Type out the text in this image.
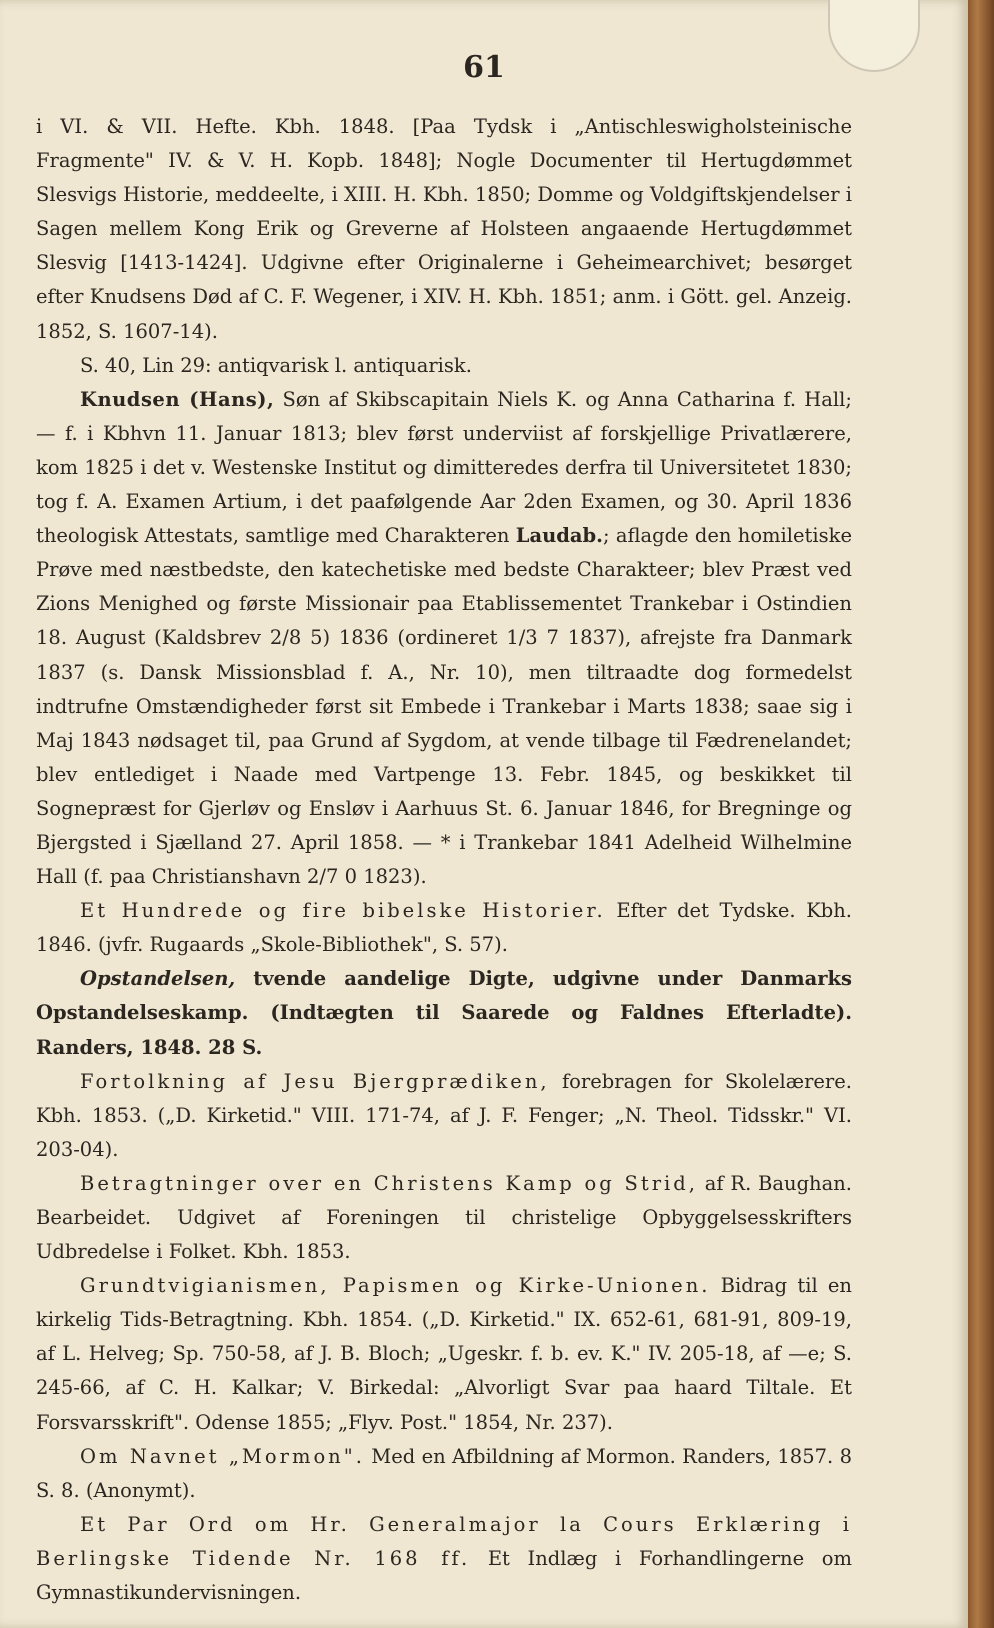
61

i VI. & VII. Hefte. Kbh. 1848. [Paa Tydsk i „Antischleswigholsteinische Fragmente" IV. & V. H. Kopb. 1848]; Nogle Documenter til Hertugdømmet Slesvigs Historie, meddeelte, i XIII. H. Kbh. 1850; Domme og Voldgiftskjendelser i Sagen mellem Kong Erik og Greverne af Holsteen angaaende Hertugdømmet Slesvig [1413-1424]. Udgivne efter Originalerne i Geheimearchivet; besørget efter Knudsens Død af C. F. Wegener, i XIV. H. Kbh. 1851; anm. i Gött. gel. Anzeig. 1852, S. 1607-14).

S. 40, Lin 29: antiqvarisk l. antiquarisk.

Knudsen (Hans), Søn af Skibscapitain Niels K. og Anna Catharina f. Hall; — f. i Kbhvn 11. Januar 1813; blev først underviist af forskjellige Privatlærere, kom 1825 i det v. Westenske Institut og dimitteredes derfra til Universitetet 1830; tog f. A. Examen Artium, i det paafølgende Aar 2den Examen, og 30. April 1836 theologisk Attestats, samtlige med Charakteren Laudab.; aflagde den homiletiske Prøve med næstbedste, den katechetiske med bedste Charakteer; blev Præst ved Zions Menighed og første Missionair paa Etablissementet Trankebar i Ostindien 18. August (Kaldsbrev 2/8 5) 1836 (ordineret 1/3 7 1837), afrejste fra Danmark 1837 (s. Dansk Missionsblad f. A., Nr. 10), men tiltraadte dog formedelst indtrufne Omstændigheder først sit Embede i Trankebar i Marts 1838; saae sig i Maj 1843 nødsaget til, paa Grund af Sygdom, at vende tilbage til Fædrenelandet; blev entlediget i Naade med Vartpenge 13. Febr. 1845, og beskikket til Sognepræst for Gjerløv og Ensløv i Aarhuus St. 6. Januar 1846, for Bregninge og Bjergsted i Sjælland 27. April 1858. — * i Trankebar 1841 Adelheid Wilhelmine Hall (f. paa Christianshavn 2/7 0 1823).

Et Hundrede og fire bibelske Historier. Efter det Tydske. Kbh. 1846. (jvfr. Rugaards „Skole-Bibliothek", S. 57).

Opstandelsen, tvende aandelige Digte, udgivne under Danmarks Opstandelseskamp. (Indtægten til Saarede og Faldnes Efterladte). Randers, 1848. 28 S.

Fortolkning af Jesu Bjergprædiken, forebragen for Skolelærere. Kbh. 1853. („D. Kirketid." VIII. 171-74, af J. F. Fenger; „N. Theol. Tidsskr." VI. 203-04).

Betragtninger over en Christens Kamp og Strid, af R. Baughan. Bearbeidet. Udgivet af Foreningen til christelige Opbyggelsesskrifters Udbredelse i Folket. Kbh. 1853.

Grundtvigianismen, Papismen og Kirke-Unionen. Bidrag til en kirkelig Tids-Betragtning. Kbh. 1854. („D. Kirketid." IX. 652-61, 681-91, 809-19, af L. Helveg; Sp. 750-58, af J. B. Bloch; „Ugeskr. f. b. ev. K." IV. 205-18, af —e; S. 245-66, af C. H. Kalkar; V. Birkedal: „Alvorligt Svar paa haard Tiltale. Et Forsvarsskrift". Odense 1855; „Flyv. Post." 1854, Nr. 237).

Om Navnet „Mormon". Med en Afbildning af Mormon. Randers, 1857. 8 S. 8. (Anonymt).

Et Par Ord om Hr. Generalmajor la Cours Erklæring i Berlingske Tidende Nr. 168 ff. Et Indlæg i Forhandlingerne om Gymnastikundervisningen.
